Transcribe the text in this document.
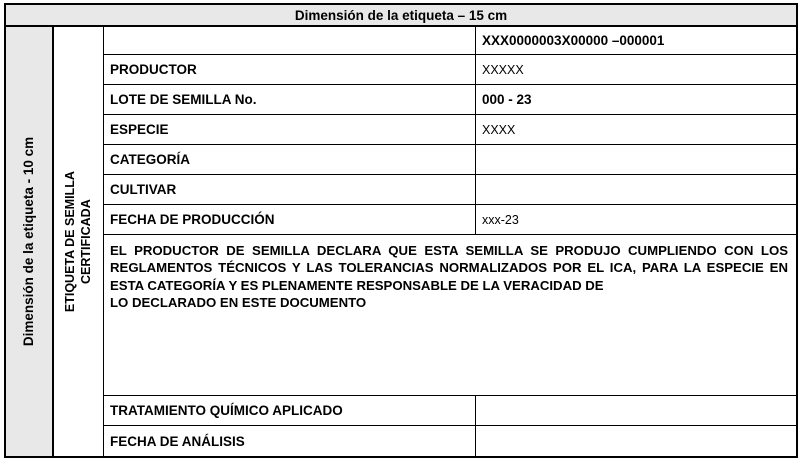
Dimensión de la etiqueta – 15 cm
Dimensión de la etiqueta - 10 cm ETIQUETA DE SEMILLA CERTIFICADA
XXX0000003X00000 –000001
PRODUCTOR	XXXXX
LOTE DE SEMILLA No.	000 - 23
ESPECIE	XXXX
CATEGORÍA
CULTIVAR
FECHA DE PRODUCCIÓN	xxx-23

EL PRODUCTOR DE SEMILLA DECLARA QUE ESTA SEMILLA SE PRODUJO CUMPLIENDO CON LOS REGLAMENTOS TÉCNICOS Y LAS TOLERANCIAS NORMALIZADOS POR EL ICA, PARA LA ESPECIE EN ESTA CATEGORÍA Y ES PLENAMENTE RESPONSABLE DE LA VERACIDAD DE

LO DECLARADO EN ESTE DOCUMENTO

TRATAMIENTO QUÍMICO APLICADO
FECHA DE ANÁLISIS
